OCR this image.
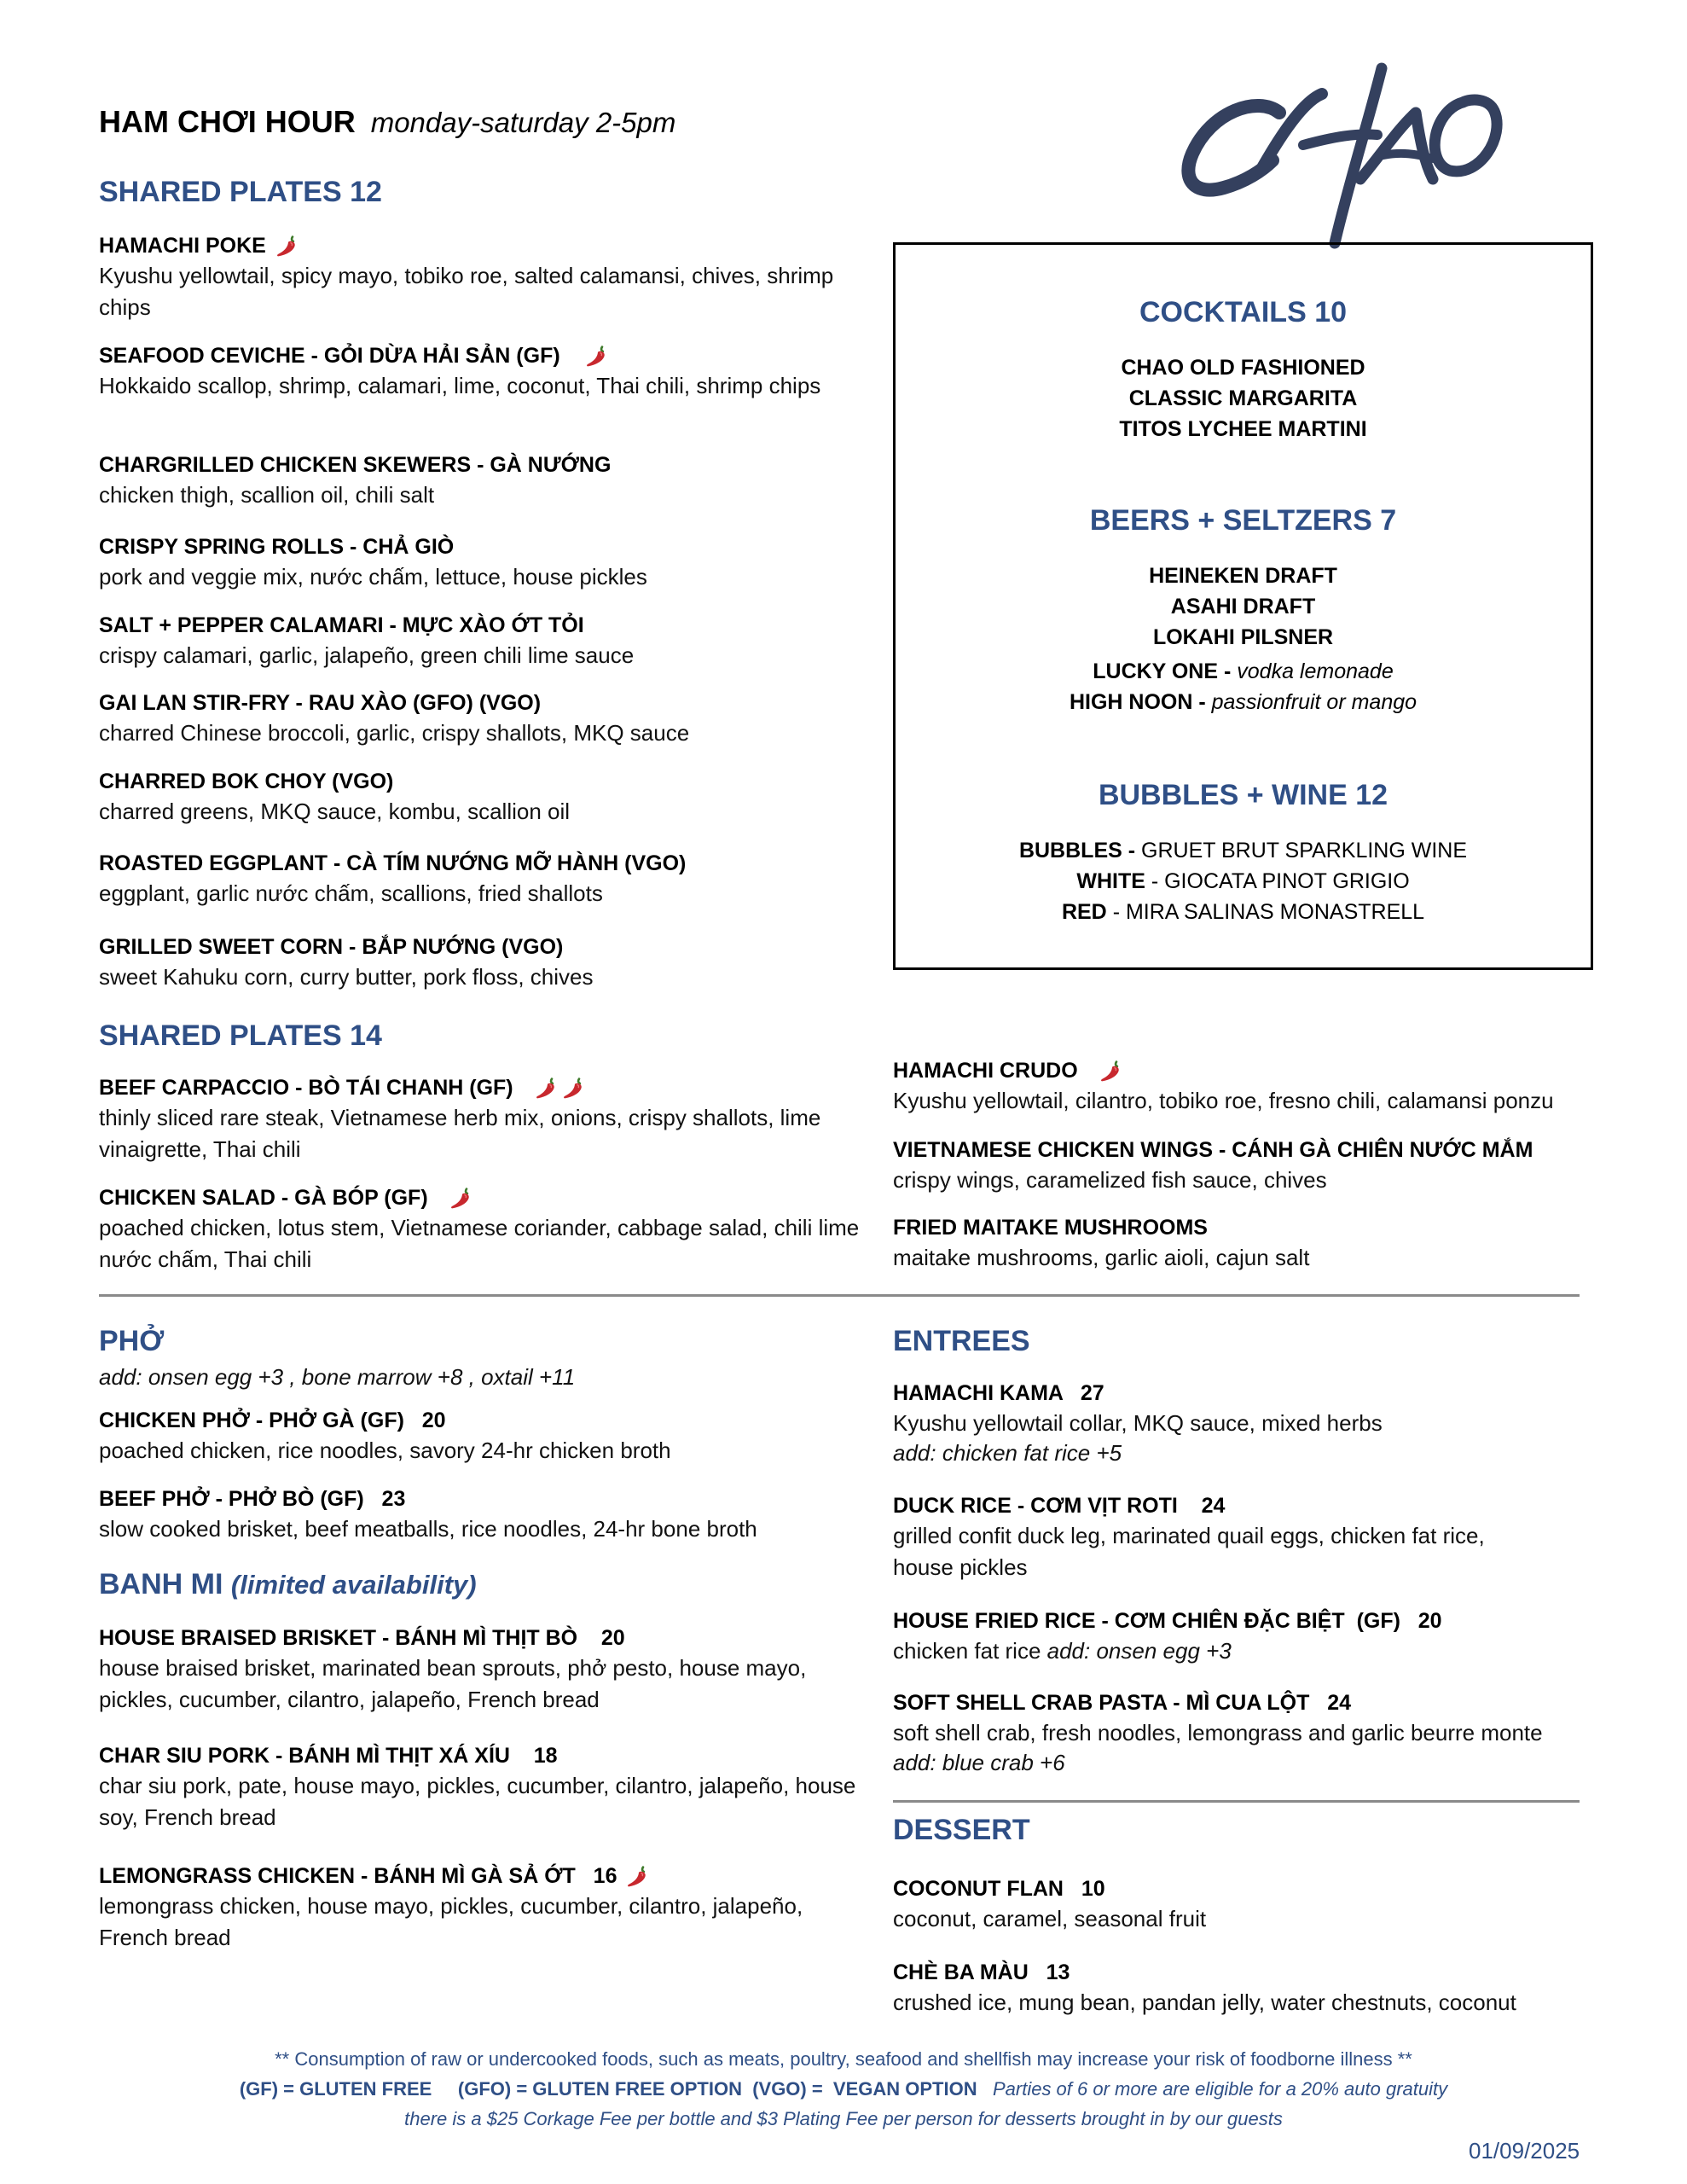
HAM CHƠI HOUR monday-saturday 2-5pm
CHAO
SHARED PLATES 12
HAMACHI POKE
Kyushu yellowtail, spicy mayo, tobiko roe, salted calamansi, chives, shrimp chips
SEAFOOD CEVICHE - GỎI DỪA HẢI SẢN (GF)
Hokkaido scallop, shrimp, calamari, lime, coconut, Thai chili, shrimp chips
CHARGRILLED CHICKEN SKEWERS - GÀ NƯỚNG
chicken thigh, scallion oil, chili salt
CRISPY SPRING ROLLS - CHẢ GIÒ
pork and veggie mix, nước chấm, lettuce, house pickles
SALT + PEPPER CALAMARI - MỰC XÀO ỚT TỎI
crispy calamari, garlic, jalapeño, green chili lime sauce
GAI LAN STIR-FRY - RAU XÀO (GFO) (VGO)
charred Chinese broccoli, garlic, crispy shallots, MKQ sauce
CHARRED BOK CHOY (VGO)
charred greens, MKQ sauce, kombu, scallion oil
ROASTED EGGPLANT - CÀ TÍM NƯỚNG MỠ HÀNH (VGO)
eggplant, garlic nước chấm, scallions, fried shallots
GRILLED SWEET CORN - BẮP NƯỚNG (VGO)
sweet Kahuku corn, curry butter, pork floss, chives
COCKTAILS 10
CHAO OLD FASHIONED
CLASSIC MARGARITA
TITOS LYCHEE MARTINI
BEERS + SELTZERS 7
HEINEKEN DRAFT
ASAHI DRAFT
LOKAHI PILSNER
LUCKY ONE - vodka lemonade
HIGH NOON - passionfruit or mango
BUBBLES + WINE 12
BUBBLES - GRUET BRUT SPARKLING WINE
WHITE - GIOCATA PINOT GRIGIO
RED - MIRA SALINAS MONASTRELL
SHARED PLATES 14
BEEF CARPACCIO - BÒ TÁI CHANH (GF)
thinly sliced rare steak, Vietnamese herb mix, onions, crispy shallots, lime vinaigrette, Thai chili
CHICKEN SALAD - GÀ BÓP (GF)
poached chicken, lotus stem, Vietnamese coriander, cabbage salad, chili lime nước chấm, Thai chili
HAMACHI CRUDO
Kyushu yellowtail, cilantro, tobiko roe, fresno chili, calamansi ponzu
VIETNAMESE CHICKEN WINGS - CÁNH GÀ CHIÊN NƯỚC MẮM
crispy wings, caramelized fish sauce, chives
FRIED MAITAKE MUSHROOMS
maitake mushrooms, garlic aioli, cajun salt
PHỞ
add: onsen egg +3 , bone marrow +8 , oxtail +11
CHICKEN PHỞ - PHỞ GÀ (GF)   20
poached chicken, rice noodles, savory 24-hr chicken broth
BEEF PHỞ - PHỞ BÒ (GF)   23
slow cooked brisket, beef meatballs, rice noodles, 24-hr bone broth
BANH MI (limited availability)
HOUSE BRAISED BRISKET - BÁNH MÌ THỊT BÒ    20
house braised brisket, marinated bean sprouts, phở pesto, house mayo, pickles, cucumber, cilantro, jalapeño, French bread
CHAR SIU PORK - BÁNH MÌ THỊT XÁ XÍU    18
char siu pork, pate, house mayo, pickles, cucumber, cilantro, jalapeño, house soy, French bread
LEMONGRASS CHICKEN - BÁNH MÌ GÀ SẢ ỚT   16
lemongrass chicken, house mayo, pickles, cucumber, cilantro, jalapeño, French bread
ENTREES
HAMACHI KAMA   27
Kyushu yellowtail collar, MKQ sauce, mixed herbs
add: chicken fat rice +5
DUCK RICE - CƠM VỊT ROTI    24
grilled confit duck leg, marinated quail eggs, chicken fat rice, house pickles
HOUSE FRIED RICE - CƠM CHIÊN ĐẶC BIỆT  (GF)   20
chicken fat rice add: onsen egg +3
SOFT SHELL CRAB PASTA - MÌ CUA LỘT   24
soft shell crab, fresh noodles, lemongrass and garlic beurre monte
add: blue crab +6
DESSERT
COCONUT FLAN   10
coconut, caramel, seasonal fruit
CHÈ BA MÀU   13
crushed ice, mung bean, pandan jelly, water chestnuts, coconut
** Consumption of raw or undercooked foods, such as meats, poultry, seafood and shellfish may increase your risk of foodborne illness **
(GF) = GLUTEN FREE     (GFO) = GLUTEN FREE OPTION  (VGO) =  VEGAN OPTION Parties of 6 or more are eligible for a 20% auto gratuity
there is a $25 Corkage Fee per bottle and $3 Plating Fee per person for desserts brought in by our guests
01/09/2025
